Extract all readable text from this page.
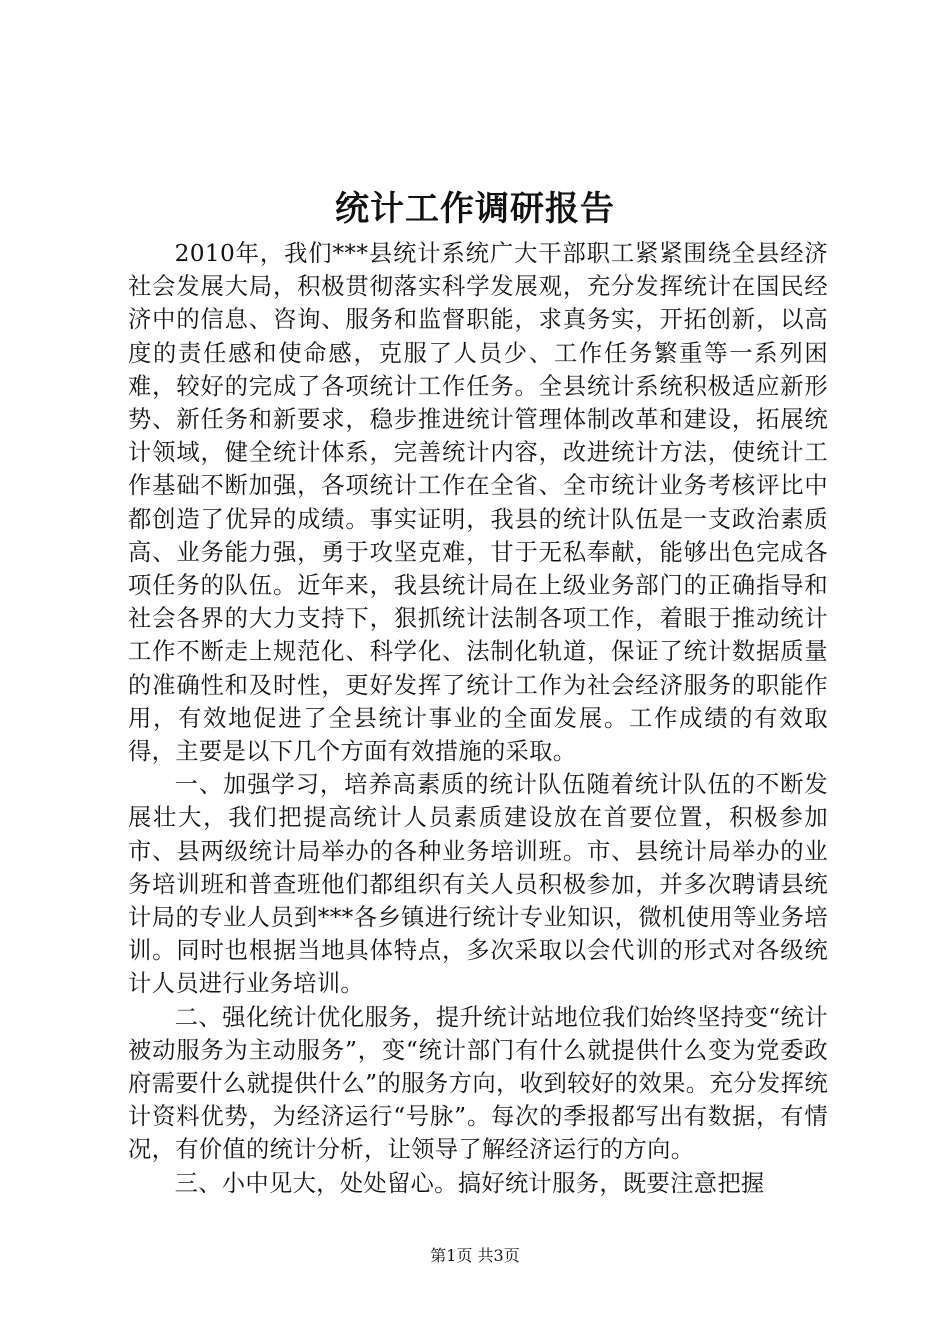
统计工作调研报告

2010年，我们***县统计系统广大干部职工紧紧围绕全县经济社会发展大局，积极贯彻落实科学发展观，充分发挥统计在国民经济中的信息、咨询、服务和监督职能，求真务实，开拓创新，以高度的责任感和使命感，克服了人员少、工作任务繁重等一系列困难，较好的完成了各项统计工作任务。全县统计系统积极适应新形势、新任务和新要求，稳步推进统计管理体制改革和建设，拓展统计领域，健全统计体系，完善统计内容，改进统计方法，使统计工作基础不断加强，各项统计工作在全省、全市统计业务考核评比中都创造了优异的成绩。事实证明，我县的统计队伍是一支政治素质高、业务能力强，勇于攻坚克难，甘于无私奉献，能够出色完成各项任务的队伍。近年来，我县统计局在上级业务部门的正确指导和社会各界的大力支持下，狠抓统计法制各项工作，着眼于推动统计工作不断走上规范化、科学化、法制化轨道，保证了统计数据质量的准确性和及时性，更好发挥了统计工作为社会经济服务的职能作用，有效地促进了全县统计事业的全面发展。工作成绩的有效取得，主要是以下几个方面有效措施的采取。

一、加强学习，培养高素质的统计队伍随着统计队伍的不断发展壮大，我们把提高统计人员素质建设放在首要位置，积极参加市、县两级统计局举办的各种业务培训班。市、县统计局举办的业务培训班和普查班他们都组织有关人员积极参加，并多次聘请县统计局的专业人员到***各乡镇进行统计专业知识，微机使用等业务培训。同时也根据当地具体特点，多次采取以会代训的形式对各级统计人员进行业务培训。

二、强化统计优化服务，提升统计站地位我们始终坚持变“统计被动服务为主动服务”，变“统计部门有什么就提供什么变为党委政府需要什么就提供什么”的服务方向，收到较好的效果。充分发挥统计资料优势，为经济运行“号脉”。每次的季报都写出有数据，有情况，有价值的统计分析，让领导了解经济运行的方向。

三、小中见大，处处留心。搞好统计服务，既要注意把握

第1页 共3页
